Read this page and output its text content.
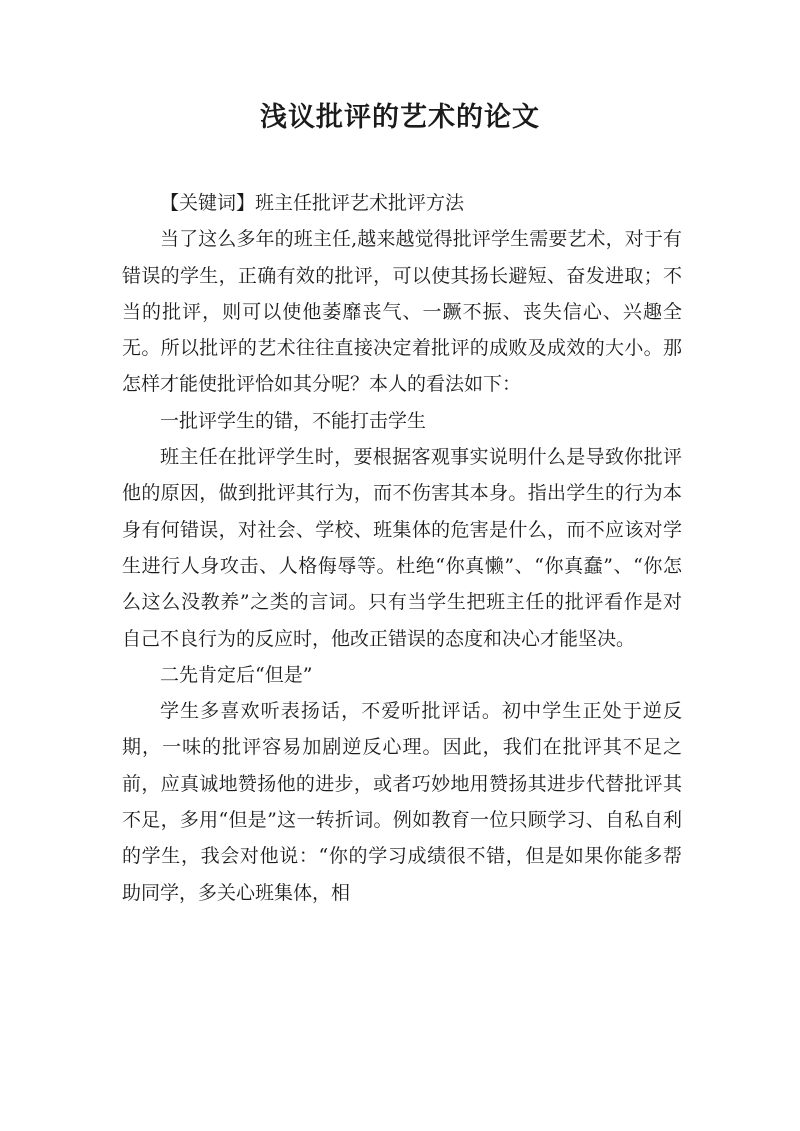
浅议批评的艺术的论文

【关键词】班主任批评艺术批评方法

当了这么多年的班主任,越来越觉得批评学生需要艺术，对于有错误的学生，正确有效的批评，可以使其扬长避短、奋发进取；不当的批评，则可以使他萎靡丧气、一蹶不振、丧失信心、兴趣全无。所以批评的艺术往往直接决定着批评的成败及成效的大小。那怎样才能使批评恰如其分呢？本人的看法如下：

一批评学生的错，不能打击学生

班主任在批评学生时，要根据客观事实说明什么是导致你批评他的原因，做到批评其行为，而不伤害其本身。指出学生的行为本身有何错误，对社会、学校、班集体的危害是什么，而不应该对学生进行人身攻击、人格侮辱等。杜绝“你真懒”、“你真蠢”、“你怎么这么没教养”之类的言词。只有当学生把班主任的批评看作是对自己不良行为的反应时，他改正错误的态度和决心才能坚决。

二先肯定后“但是”

学生多喜欢听表扬话，不爱听批评话。初中学生正处于逆反期，一味的批评容易加剧逆反心理。因此，我们在批评其不足之前，应真诚地赞扬他的进步，或者巧妙地用赞扬其进步代替批评其不足，多用“但是”这一转折词。例如教育一位只顾学习、自私自利的学生，我会对他说：“你的学习成绩很不错，但是如果你能多帮助同学，多关心班集体，相
